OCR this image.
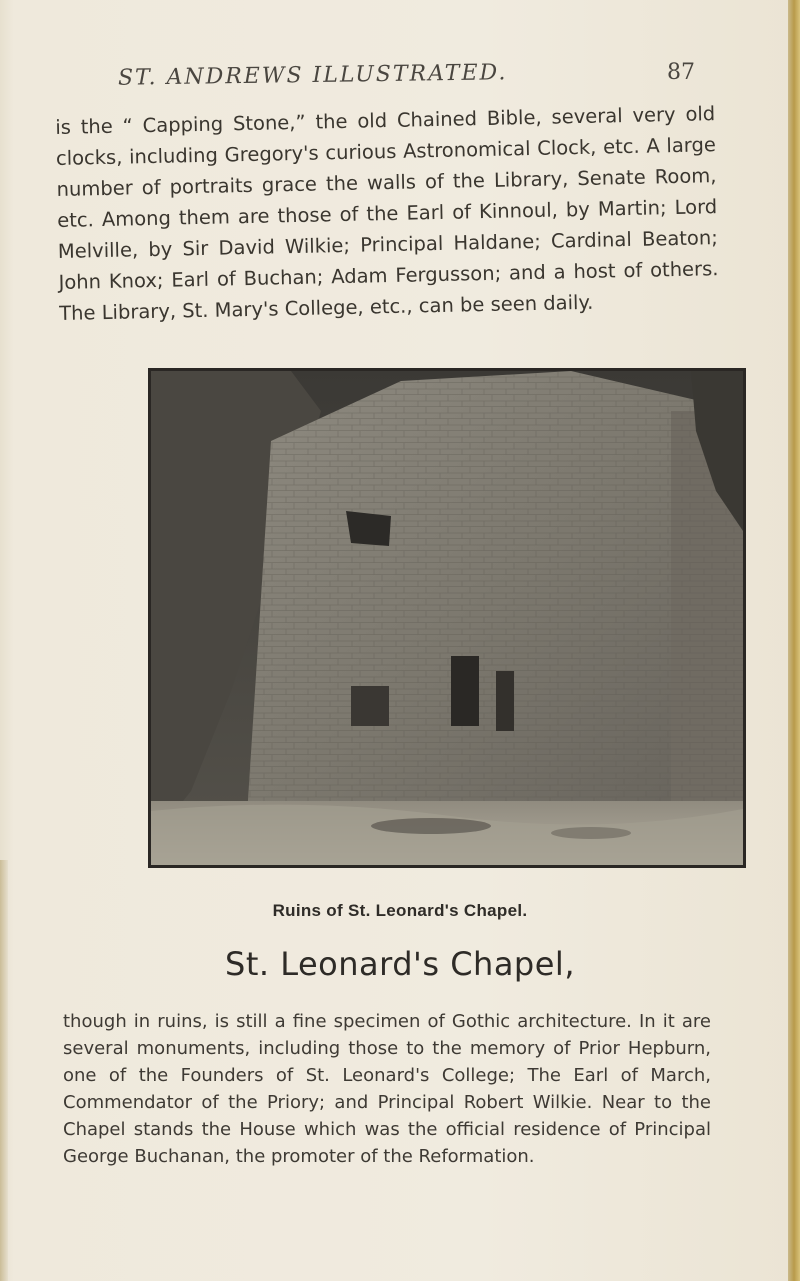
ST. ANDREWS ILLUSTRATED.	87
is the “ Capping Stone,” the old Chained Bible, several very old clocks, including Gregory's curious Astronomical Clock, etc. A large number of portraits grace the walls of the Library, Senate Room, etc. Among them are those of the Earl of Kinnoul, by Martin; Lord Melville, by Sir David Wilkie; Principal Haldane; Cardinal Beaton; John Knox; Earl of Buchan; Adam Fergusson; and a host of others. The Library, St. Mary's College, etc., can be seen daily.
Ruins of St. Leonard's Chapel.
St. Leonard's Chapel,
though in ruins, is still a fine specimen of Gothic architecture. In it are several monuments, including those to the memory of Prior Hepburn, one of the Founders of St. Leonard's College; The Earl of March, Commendator of the Priory; and Principal Robert Wilkie. Near to the Chapel stands the House which was the official residence of Principal George Buchanan, the promoter of the Reformation.
